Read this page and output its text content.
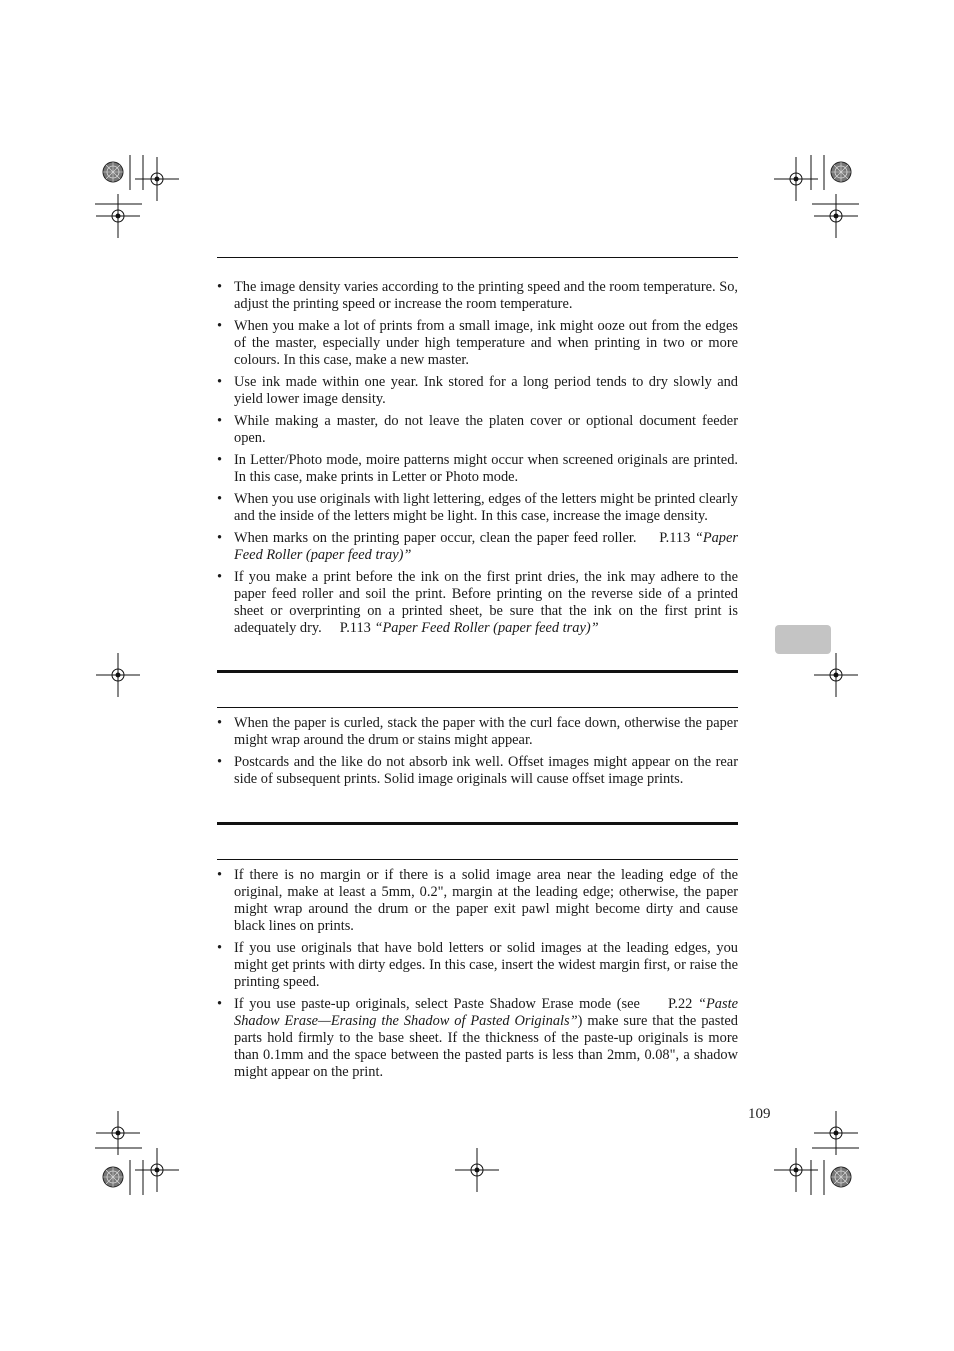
• The image density varies according to the printing speed and the room temperature. So, adjust the printing speed or increase the room temperature.
• When you make a lot of prints from a small image, ink might ooze out from the edges of the master, especially under high temperature and when printing in two or more colours. In this case, make a new master.
• Use ink made within one year. Ink stored for a long period tends to dry slowly and yield lower image density.
• While making a master, do not leave the platen cover or optional document feeder open.
• In Letter/Photo mode, moire patterns might occur when screened originals are printed. In this case, make prints in Letter or Photo mode.
• When you use originals with light lettering, edges of the letters might be printed clearly and the inside of the letters might be light. In this case, increase the image density.
• When marks on the printing paper occur, clean the paper feed roller. P.113 “Paper Feed Roller (paper feed tray)”
• If you make a print before the ink on the first print dries, the ink may adhere to the paper feed roller and soil the print. Before printing on the reverse side of a printed sheet or overprinting on a printed sheet, be sure that the ink on the first print is adequately dry. P.113 “Paper Feed Roller (paper feed tray)”
• When the paper is curled, stack the paper with the curl face down, otherwise the paper might wrap around the drum or stains might appear.
• Postcards and the like do not absorb ink well. Offset images might appear on the rear side of subsequent prints. Solid image originals will cause offset image prints.
• If there is no margin or if there is a solid image area near the leading edge of the original, make at least a 5mm, 0.2", margin at the leading edge; otherwise, the paper might wrap around the drum or the paper exit pawl might become dirty and cause black lines on prints.
• If you use originals that have bold letters or solid images at the leading edges, you might get prints with dirty edges. In this case, insert the widest margin first, or raise the printing speed.
• If you use paste-up originals, select Paste Shadow Erase mode (see P.22 “Paste Shadow Erase—Erasing the Shadow of Pasted Originals”) make sure that the pasted parts hold firmly to the base sheet. If the thickness of the paste-up originals is more than 0.1mm and the space between the pasted parts is less than 2mm, 0.08", a shadow might appear on the print.
109
